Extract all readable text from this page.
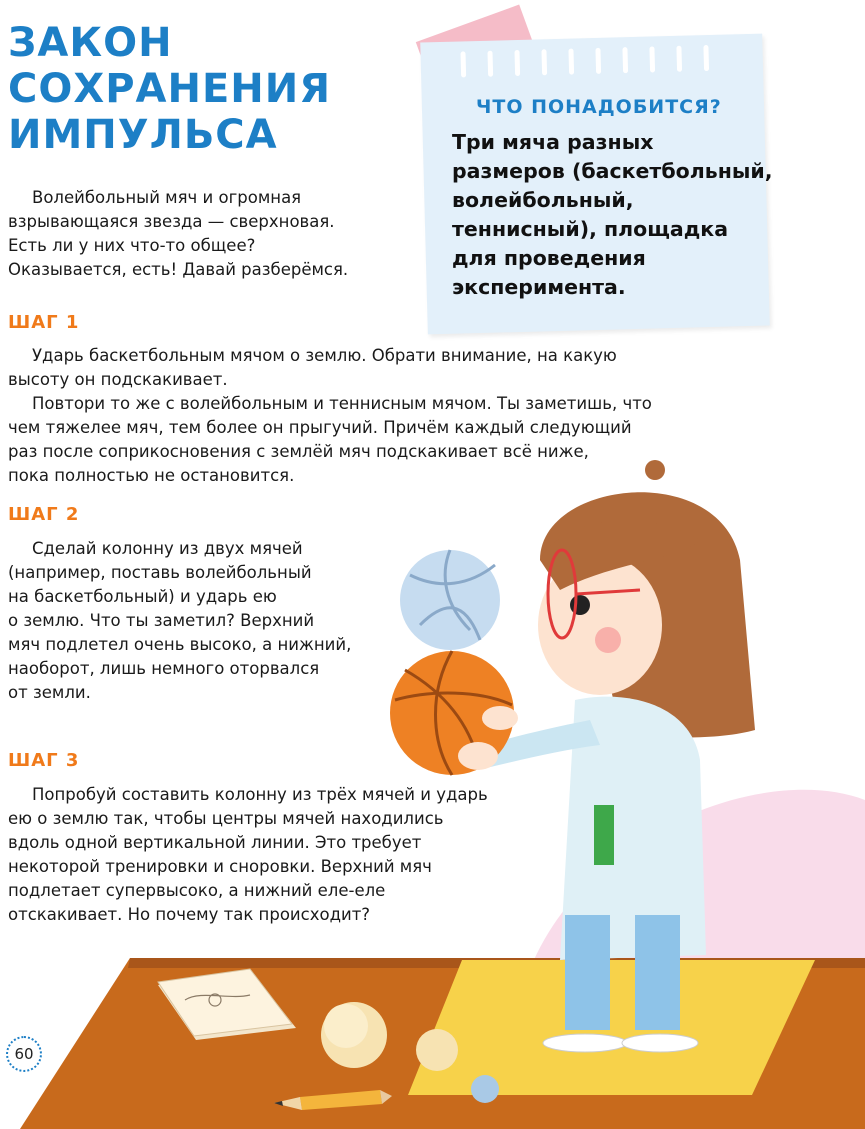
ЗАКОН
СОХРАНЕНИЯ
ИМПУЛЬСА

Волейбольный мяч и огромная
взрывающаяся звезда — сверхновая.
Есть ли у них что-то общее?
Оказывается, есть! Давай разберёмся.

ЧТО ПОНАДОБИТСЯ?

Три мяча разных
размеров (баскетбольный,
волейбольный,
теннисный), площадка
для проведения
эксперимента.

ШАГ 1

Ударь баскетбольным мячом о землю. Обрати внимание, на какую
высоту он подскакивает.
Повтори то же с волейбольным и теннисным мячом. Ты заметишь, что
чем тяжелее мяч, тем более он прыгучий. Причём каждый следующий
раз после соприкосновения с землёй мяч подскакивает всё ниже,
пока полностью не остановится.

ШАГ 2

Сделай колонну из двух мячей
(например, поставь волейбольный
на баскетбольный) и ударь ею
о землю. Что ты заметил? Верхний
мяч подлетел очень высоко, а нижний,
наоборот, лишь немного оторвался
от земли.

ШАГ 3

Попробуй составить колонну из трёх мячей и ударь
ею о землю так, чтобы центры мячей находились
вдоль одной вертикальной линии. Это требует
некоторой тренировки и сноровки. Верхний мяч
подлетает супервысоко, а нижний еле-еле
отскакивает. Но почему так происходит?

60
